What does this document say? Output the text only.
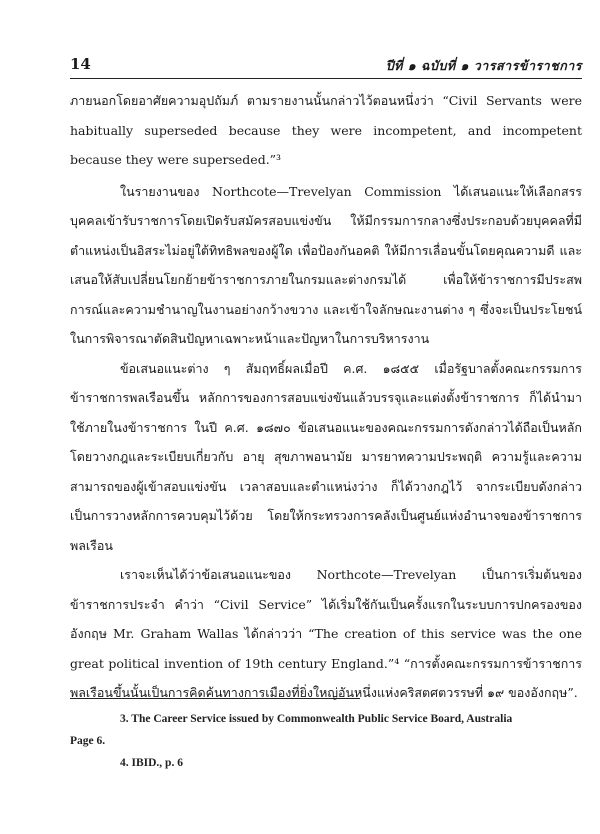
14	ปีที่ ๑ ฉบับที่ ๑ วารสารข้าราชการ

ภายนอกโดยอาศัยความอุปถัมภ์ ตามรายงานนั้นกล่าวไว้ตอนหนึ่งว่า “Civil Servants were habitually superseded because they were incompetent, and incompetent because they were superseded.”³

ในรายงานของ Northcote—Trevelyan Commission ได้เสนอแนะให้เลือกสรรบุคคลเข้ารับราชการโดยเปิดรับสมัครสอบแข่งขัน ให้มีกรรมการกลางซึ่งประกอบด้วยบุคคลที่มีตำแหน่งเป็นอิสระไม่อยู่ใต้ทิทธิพลของผู้ใด เพื่อป้องกันอคติ ให้มีการเลื่อนขั้นโดยคุณความดี และเสนอให้สับเปลี่ยนโยกย้ายข้าราชการภายในกรมและต่างกรมได้ เพื่อให้ข้าราชการมีประสพการณ์และความชำนาญในงานอย่างกว้างขวาง และเข้าใจลักษณะงานต่าง ๆ ซึ่งจะเป็นประโยชน์ในการพิจารณาตัดสินปัญหาเฉพาะหน้าและปัญหาในการบริหารงาน

ข้อเสนอแนะต่าง ๆ สัมฤทธิ์ผลเมื่อปี ค.ศ. ๑๘๕๕ เมื่อรัฐบาลตั้งคณะกรรมการข้าราชการพลเรือนขึ้น หลักการของการสอบแข่งขันแล้วบรรจุและแต่งตั้งข้าราชการ ก็ได้นำมาใช้ภายในงข้าราชการ ในปี ค.ศ. ๑๘๗๐ ข้อเสนอแนะของคณะกรรมการดังกล่าวได้ถือเป็นหลัก โดยวางกฎและระเบียบเกี่ยวกับ อายุ สุขภาพอนามัย มารยาทความประพฤติ ความรู้และความสามารถของผู้เข้าสอบแข่งขัน เวลาสอบและตำแหน่งว่าง ก็ได้วางกฎไว้ จากระเบียบดังกล่าวเป็นการวางหลักการควบคุมไว้ด้วย โดยให้กระทรวงการคลังเป็นศูนย์แห่งอำนาจของข้าราชการพลเรือน

เราจะเห็นได้ว่าข้อเสนอแนะของ Northcote—Trevelyan เป็นการเริ่มต้นของข้าราชการประจำ คำว่า “Civil Service” ได้เริ่มใช้กันเป็นครั้งแรกในระบบการปกครองของอังกฤษ Mr. Graham Wallas ได้กล่าวว่า “The creation of this service was the one great political invention of 19th century England.”⁴ “การตั้งคณะกรรมการข้าราชการพลเรือนขึ้นนั้นเป็นการคิดค้นทางการเมืองที่ยิ่งใหญ่อันหนึ่งแห่งคริสตศตวรรษที่ ๑๙ ของอังกฤษ”.

3. The Career Service issued by Commonwealth Public Service Board, Australia

Page 6.

4. IBID., p. 6
